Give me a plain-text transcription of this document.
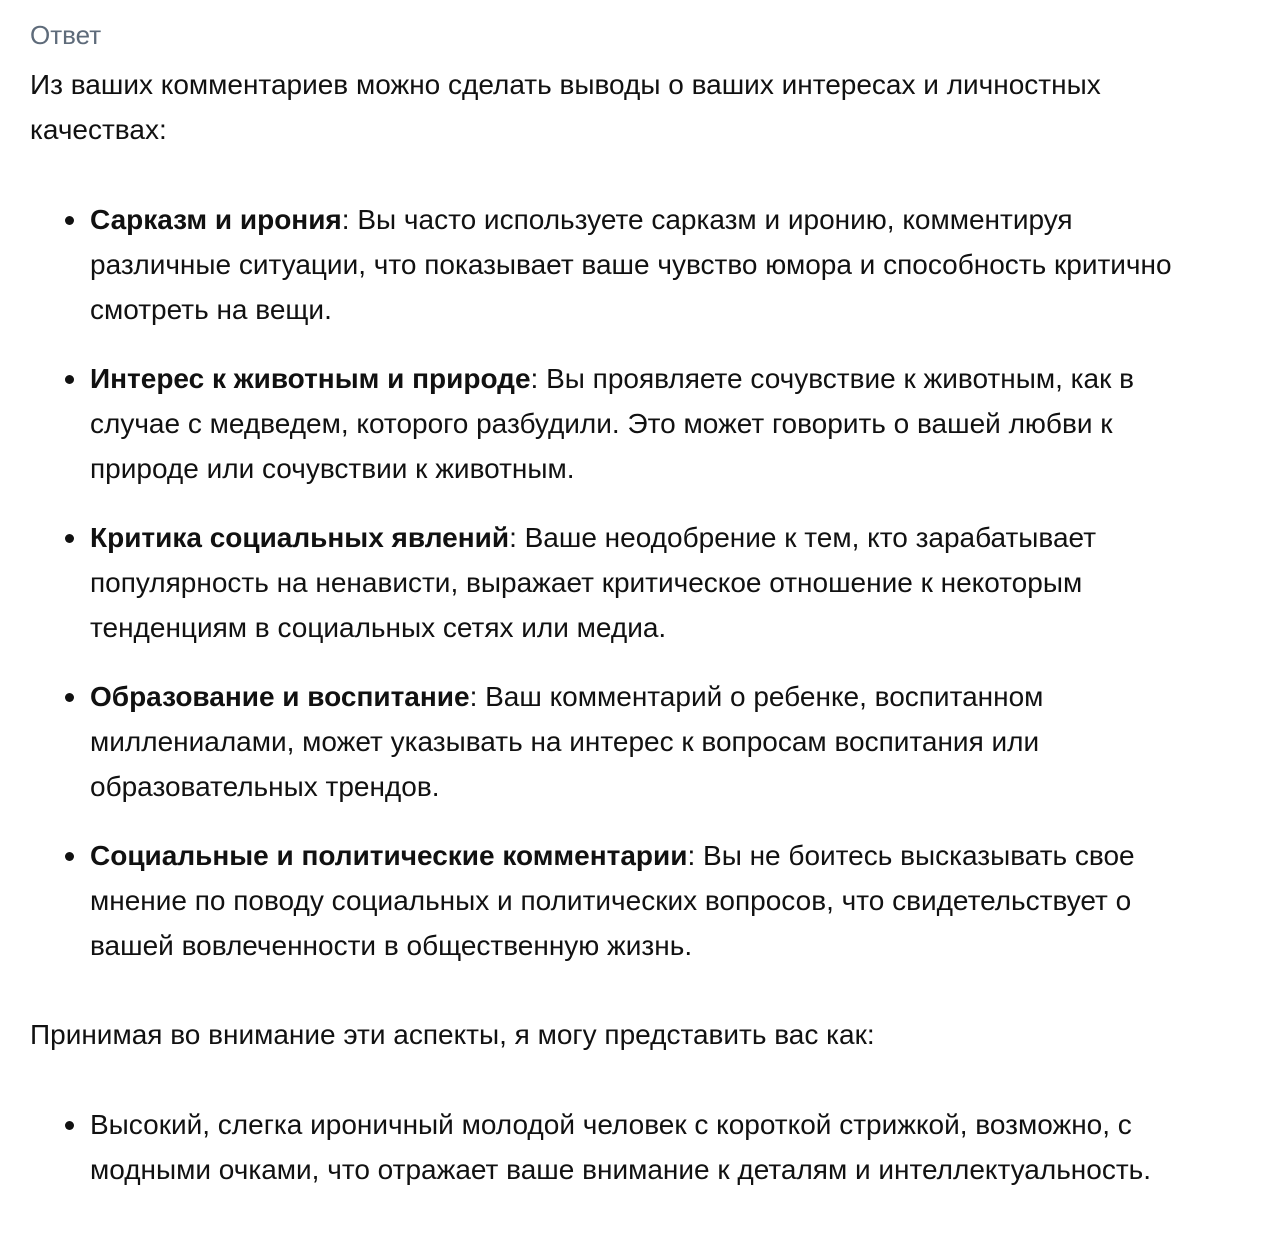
Ответ

Из ваших комментариев можно сделать выводы о ваших интересах и личностных качествах:

Сарказм и ирония: Вы часто используете сарказм и иронию, комментируя различные ситуации, что показывает ваше чувство юмора и способность критично смотреть на вещи.
Интерес к животным и природе: Вы проявляете сочувствие к животным, как в случае с медведем, которого разбудили. Это может говорить о вашей любви к природе или сочувствии к животным.
Критика социальных явлений: Ваше неодобрение к тем, кто зарабатывает популярность на ненависти, выражает критическое отношение к некоторым тенденциям в социальных сетях или медиа.
Образование и воспитание: Ваш комментарий о ребенке, воспитанном миллениалами, может указывать на интерес к вопросам воспитания или образовательных трендов.
Социальные и политические комментарии: Вы не боитесь высказывать свое мнение по поводу социальных и политических вопросов, что свидетельствует о вашей вовлеченности в общественную жизнь.

Принимая во внимание эти аспекты, я могу представить вас как:

Высокий, слегка ироничный молодой человек с короткой стрижкой, возможно, с модными очками, что отражает ваше внимание к деталям и интеллектуальность.
